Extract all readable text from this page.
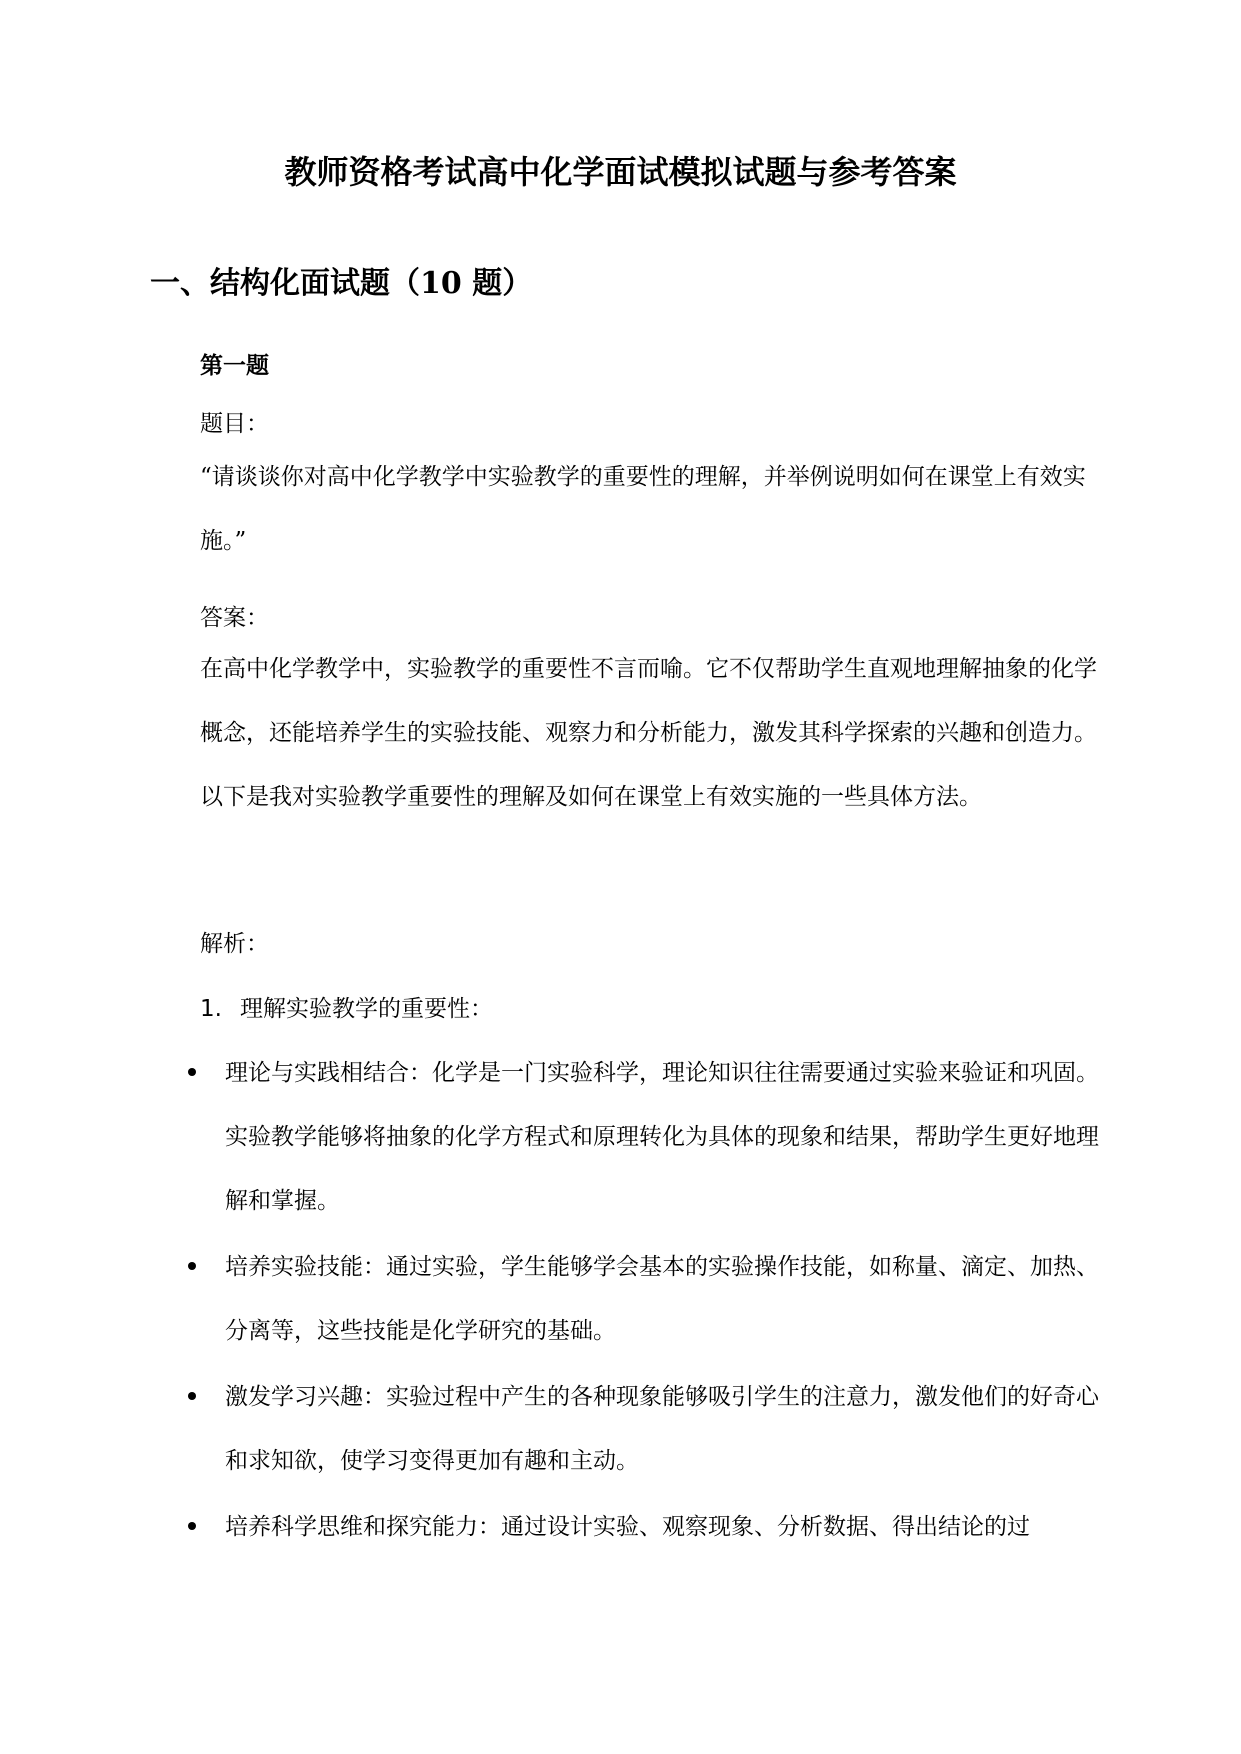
教师资格考试高中化学面试模拟试题与参考答案
一、结构化面试题（10 题）
第一题

题目：

“请谈谈你对高中化学教学中实验教学的重要性的理解，并举例说明如何在课堂上有效实施。”

答案：

在高中化学教学中，实验教学的重要性不言而喻。它不仅帮助学生直观地理解抽象的化学概念，还能培养学生的实验技能、观察力和分析能力，激发其科学探索的兴趣和创造力。以下是我对实验教学重要性的理解及如何在课堂上有效实施的一些具体方法。

解析：

1. 理解实验教学的重要性：

理论与实践相结合：化学是一门实验科学，理论知识往往需要通过实验来验证和巩固。实验教学能够将抽象的化学方程式和原理转化为具体的现象和结果，帮助学生更好地理解和掌握。

培养实验技能：通过实验，学生能够学会基本的实验操作技能，如称量、滴定、加热、分离等，这些技能是化学研究的基础。

激发学习兴趣：实验过程中产生的各种现象能够吸引学生的注意力，激发他们的好奇心和求知欲，使学习变得更加有趣和主动。

培养科学思维和探究能力：通过设计实验、观察现象、分析数据、得出结论的过
